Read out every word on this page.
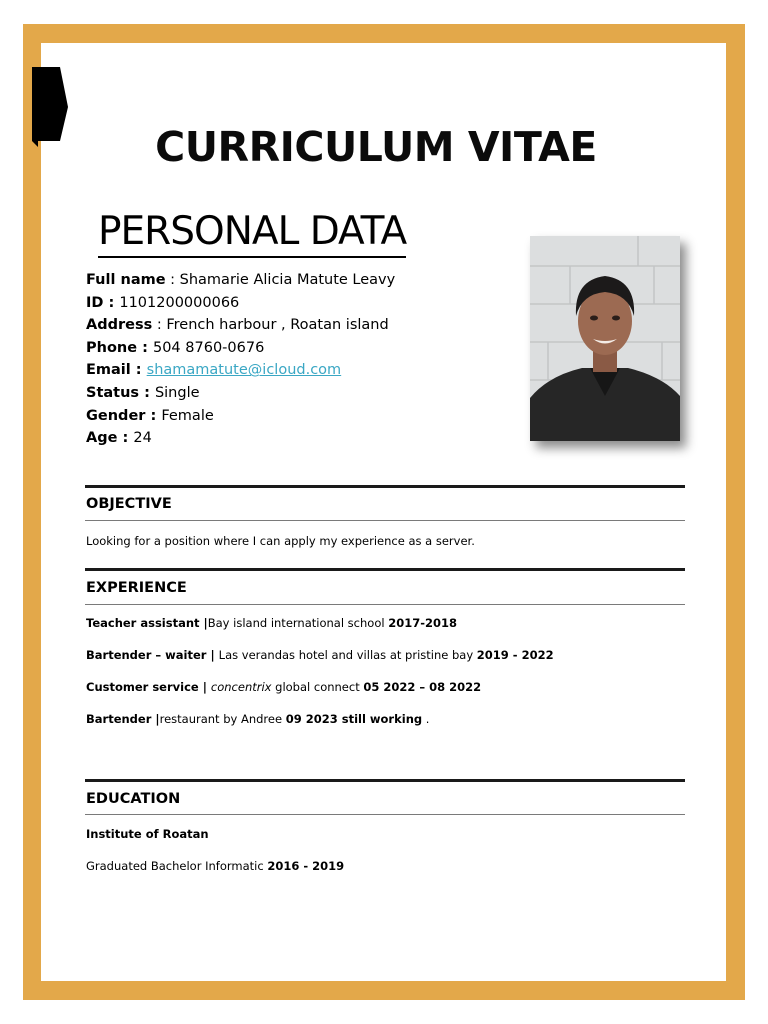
CURRICULUM VITAE
PERSONAL DATA
Full name : Shamarie Alicia Matute Leavy
ID : 1101200000066
Address : French harbour , Roatan island
Phone : 504 8760-0676
Email : shamamatute@icloud.com
Status : Single
Gender : Female
Age : 24
OBJECTIVE
Looking for a position where I can apply my experience as a server.
EXPERIENCE
Teacher assistant |Bay island international school 2017-2018
Bartender – waiter | Las verandas hotel and villas at pristine bay 2019 - 2022
Customer service | concentrix global connect 05 2022 – 08 2022
Bartender |restaurant by Andree 09 2023 still working .
EDUCATION
Institute of Roatan
Graduated Bachelor Informatic 2016 - 2019
